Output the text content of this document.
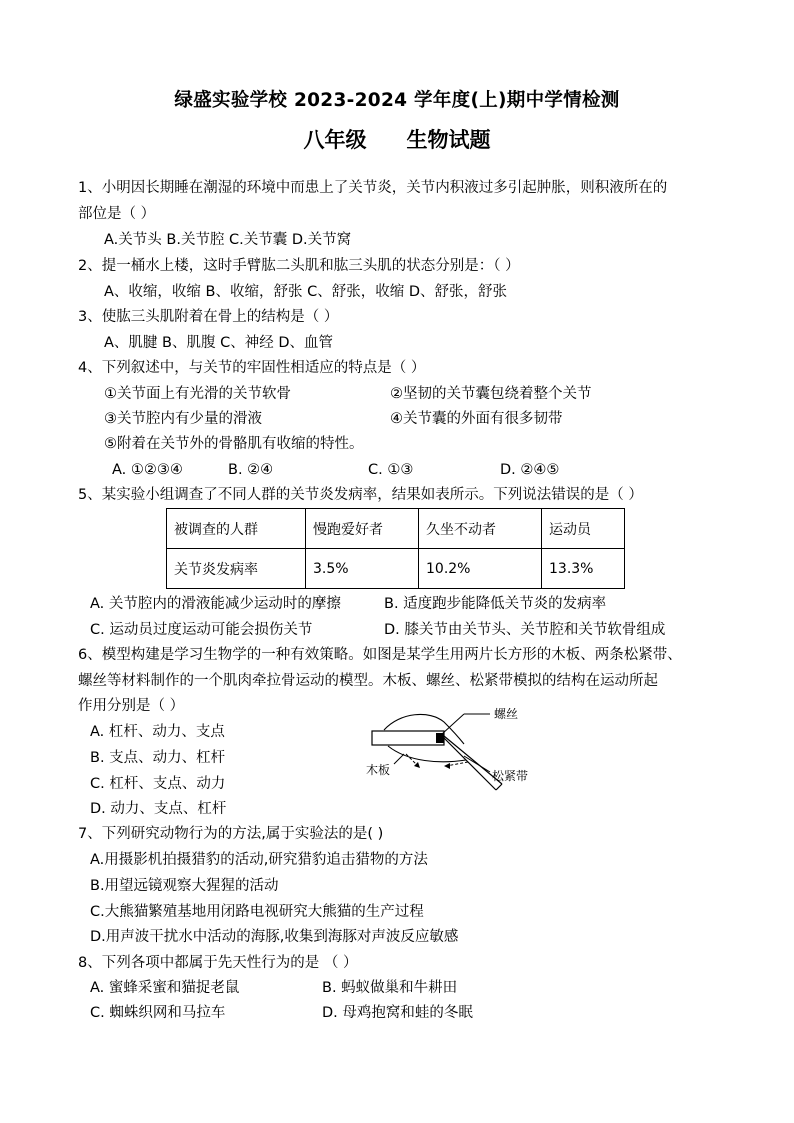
绿盛实验学校 2023-2024 学年度(上)期中学情检测
八年级 生物试题
1、小明因长期睡在潮湿的环境中而患上了关节炎，关节内积液过多引起肿胀，则积液所在的
部位是（ ）
A.关节头 B.关节腔 C.关节囊 D.关节窝
2、提一桶水上楼，这时手臂肱二头肌和肱三头肌的状态分别是：（ ）
A、收缩，收缩 B、收缩，舒张 C、舒张，收缩 D、舒张，舒张
3、使肱三头肌附着在骨上的结构是（ ）
A、肌腱 B、肌腹 C、神经 D、血管
4、下列叙述中，与关节的牢固性相适应的特点是（ ）
①关节面上有光滑的关节软骨	②坚韧的关节囊包绕着整个关节
③关节腔内有少量的滑液	④关节囊的外面有很多韧带
⑤附着在关节外的骨骼肌有收缩的特性。
A. ①②③④	B. ②④	C. ①③	D. ②④⑤
5、某实验小组调查了不同人群的关节炎发病率，结果如表所示。下列说法错误的是（ ）
被调查的人群	慢跑爱好者	久坐不动者	运动员
关节炎发病率	3.5%	10.2%	13.3%
A. 关节腔内的滑液能减少运动时的摩擦	B. 适度跑步能降低关节炎的发病率
C. 运动员过度运动可能会损伤关节	D. 膝关节由关节头、关节腔和关节软骨组成
6、模型构建是学习生物学的一种有效策略。如图是某学生用两片长方形的木板、两条松紧带、
螺丝等材料制作的一个肌肉牵拉骨运动的模型。木板、螺丝、松紧带模拟的结构在运动所起
作用分别是（ ）
A. 杠杆、动力、支点
B. 支点、动力、杠杆
C. 杠杆、支点、动力
D. 动力、支点、杠杆
螺丝
木板	松紧带
7、下列研究动物行为的方法,属于实验法的是( )
A.用摄影机拍摄猎豹的活动,研究猎豹追击猎物的方法
B.用望远镜观察大猩猩的活动
C.大熊猫繁殖基地用闭路电视研究大熊猫的生产过程
D.用声波干扰水中活动的海豚,收集到海豚对声波反应敏感
8、下列各项中都属于先天性行为的是 （ ）
A. 蜜蜂采蜜和猫捉老鼠	B. 蚂蚁做巢和牛耕田
C. 蜘蛛织网和马拉车	D. 母鸡抱窝和蛙的冬眠
